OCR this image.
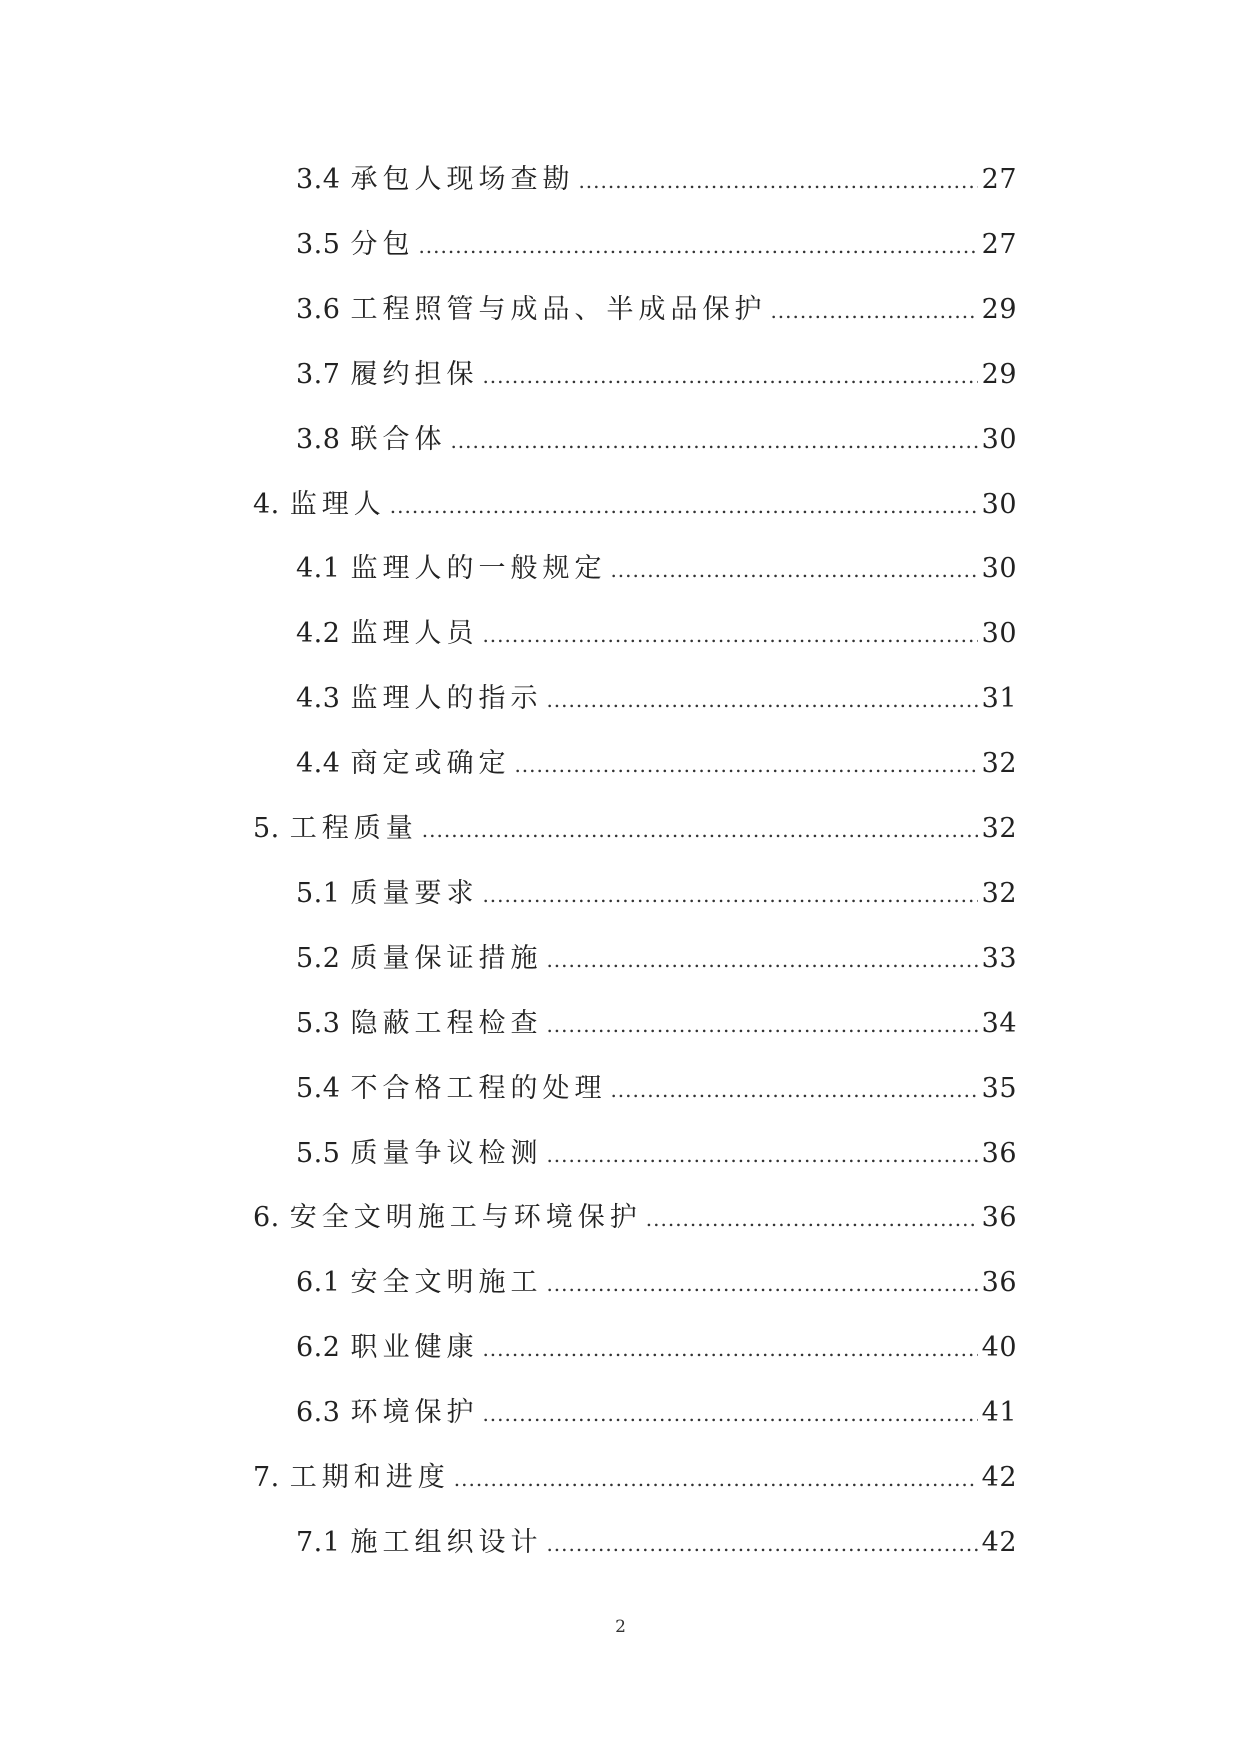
3.4 承包人现场查勘 .....	27
3.5 分包 .....	27
3.6 工程照管与成品、半成品保护 .....	29
3.7 履约担保 .....	29
3.8 联合体 .....	30
4. 监理人 .....	30
4.1 监理人的一般规定 .....	30
4.2 监理人员 .....	30
4.3 监理人的指示 .....	31
4.4 商定或确定 .....	32
5. 工程质量 .....	32
5.1 质量要求 .....	32
5.2 质量保证措施 .....	33
5.3 隐蔽工程检查 .....	34
5.4 不合格工程的处理 .....	35
5.5 质量争议检测 .....	36
6. 安全文明施工与环境保护 .....	36
6.1 安全文明施工 .....	36
6.2 职业健康 .....	40
6.3 环境保护 .....	41
7. 工期和进度 .....	42
7.1 施工组织设计 .....	42
2
